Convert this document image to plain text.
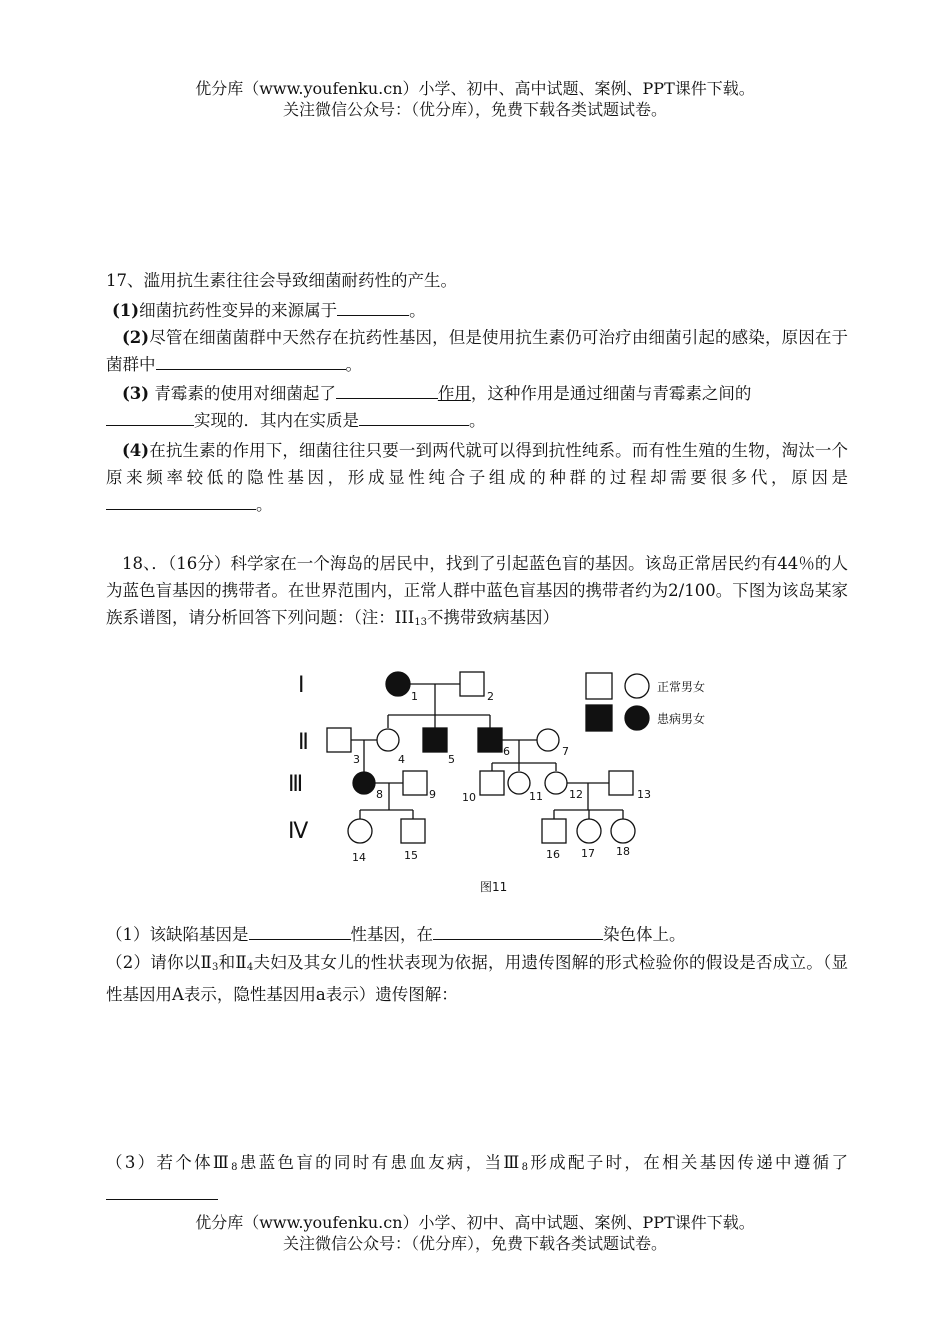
优分库（www.youfenku.cn）小学、初中、高中试题、案例、PPT课件下载。
关注微信公众号：（优分库），免费下载各类试题试卷。
17、滥用抗生素往往会导致细菌耐药性的产生。
(1)细菌抗药性变异的来源属于	。
(2)尽管在细菌菌群中天然存在抗药性基因，但是使用抗生素仍可治疗由细菌引起的感染，原因在于菌群中	。
(3) 青霉素的使用对细菌起了	作用，这种作用是通过细菌与青霉素之间的
实现的．其内在实质是	。
(4)在抗生素的作用下，细菌往往只要一到两代就可以得到抗性纯系。而有性生殖的生物，淘汰一个原来频率较低的隐性基因，形成显性纯合子组成的种群的过程却需要很多代，原因是。
18、．（16分）科学家在一个海岛的居民中，找到了引起蓝色盲的基因。该岛正常居民约有44％的人为蓝色盲基因的携带者。在世界范围内，正常人群中蓝色盲基因的携带者约为2/100。下图为该岛某家族系谱图，请分析回答下列问题：（注：$III_{13}$不携带致病基因）
Ⅰ
Ⅱ
Ⅲ
Ⅳ
1	2
3	4	5
6	7
8	9 10	11 12	13
14	15	16 17 18
正常男女
患病男女
图11
（1）该缺陷基因是	性基因，在	染色体上。
（2）请你以$Ⅱ_3$和$Ⅱ_4$夫妇及其女儿的性状表现为依据，用遗传图解的形式检验你的假设是否成立。（显性基因用A表示，隐性基因用a表示）遗传图解：
（3）若个体$Ⅲ_8$患蓝色盲的同时有患血友病，当$Ⅲ_8$形成配子时，在相关基因传递中遵循了
优分库（www.youfenku.cn）小学、初中、高中试题、案例、PPT课件下载。
关注微信公众号：（优分库），免费下载各类试题试卷。
